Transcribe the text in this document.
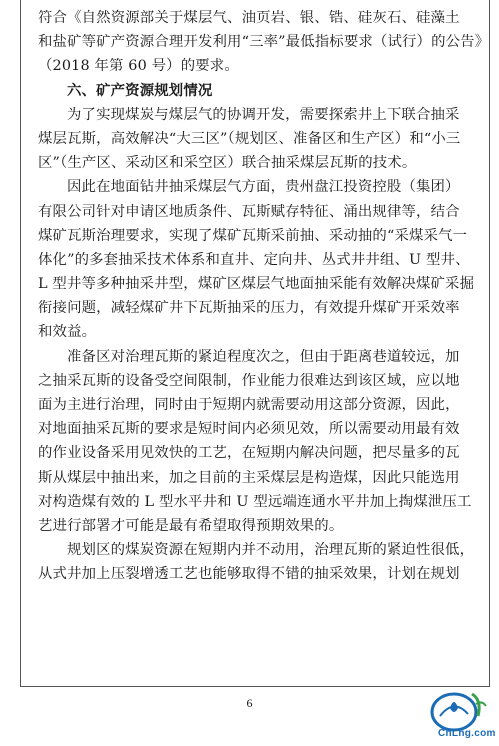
符合《自然资源部关于煤层气、油页岩、银、锆、硅灰石、硅藻土
和盐矿等矿产资源合理开发利用“三率”最低指标要求（试行）的公告》
（2018 年第 60 号）的要求。
六、矿产资源规划情况
为了实现煤炭与煤层气的协调开发，需要探索井上下联合抽采
煤层瓦斯，高效解决“大三区”（规划区、准备区和生产区）和“小三
区”（生产区、采动区和采空区）联合抽采煤层瓦斯的技术。
因此在地面钻井抽采煤层气方面，贵州盘江投资控股（集团）
有限公司针对申请区地质条件、瓦斯赋存特征、涌出规律等，结合
煤矿瓦斯治理要求，实现了煤矿瓦斯采前抽、采动抽的“采煤采气一
体化”的多套抽采技术体系和直井、定向井、丛式井井组、U 型井、
L 型井等多种抽采井型，煤矿区煤层气地面抽采能有效解决煤矿采掘
衔接问题，减轻煤矿井下瓦斯抽采的压力，有效提升煤矿开采效率
和效益。
准备区对治理瓦斯的紧迫程度次之，但由于距离巷道较远，加
之抽采瓦斯的设备受空间限制，作业能力很难达到该区域，应以地
面为主进行治理，同时由于短期内就需要动用这部分资源，因此，
对地面抽采瓦斯的要求是短时间内必须见效，所以需要动用最有效
的作业设备采用见效快的工艺，在短期内解决问题，把尽量多的瓦
斯从煤层中抽出来，加之目前的主采煤层是构造煤，因此只能选用
对构造煤有效的 L 型水平井和 U 型远端连通水平井加上掏煤泄压工
艺进行部署才可能是最有希望取得预期效果的。
规划区的煤炭资源在短期内并不动用，治理瓦斯的紧迫性很低，
从式井加上压裂增透工艺也能够取得不错的抽采效果，计划在规划
6
CnLng.com
